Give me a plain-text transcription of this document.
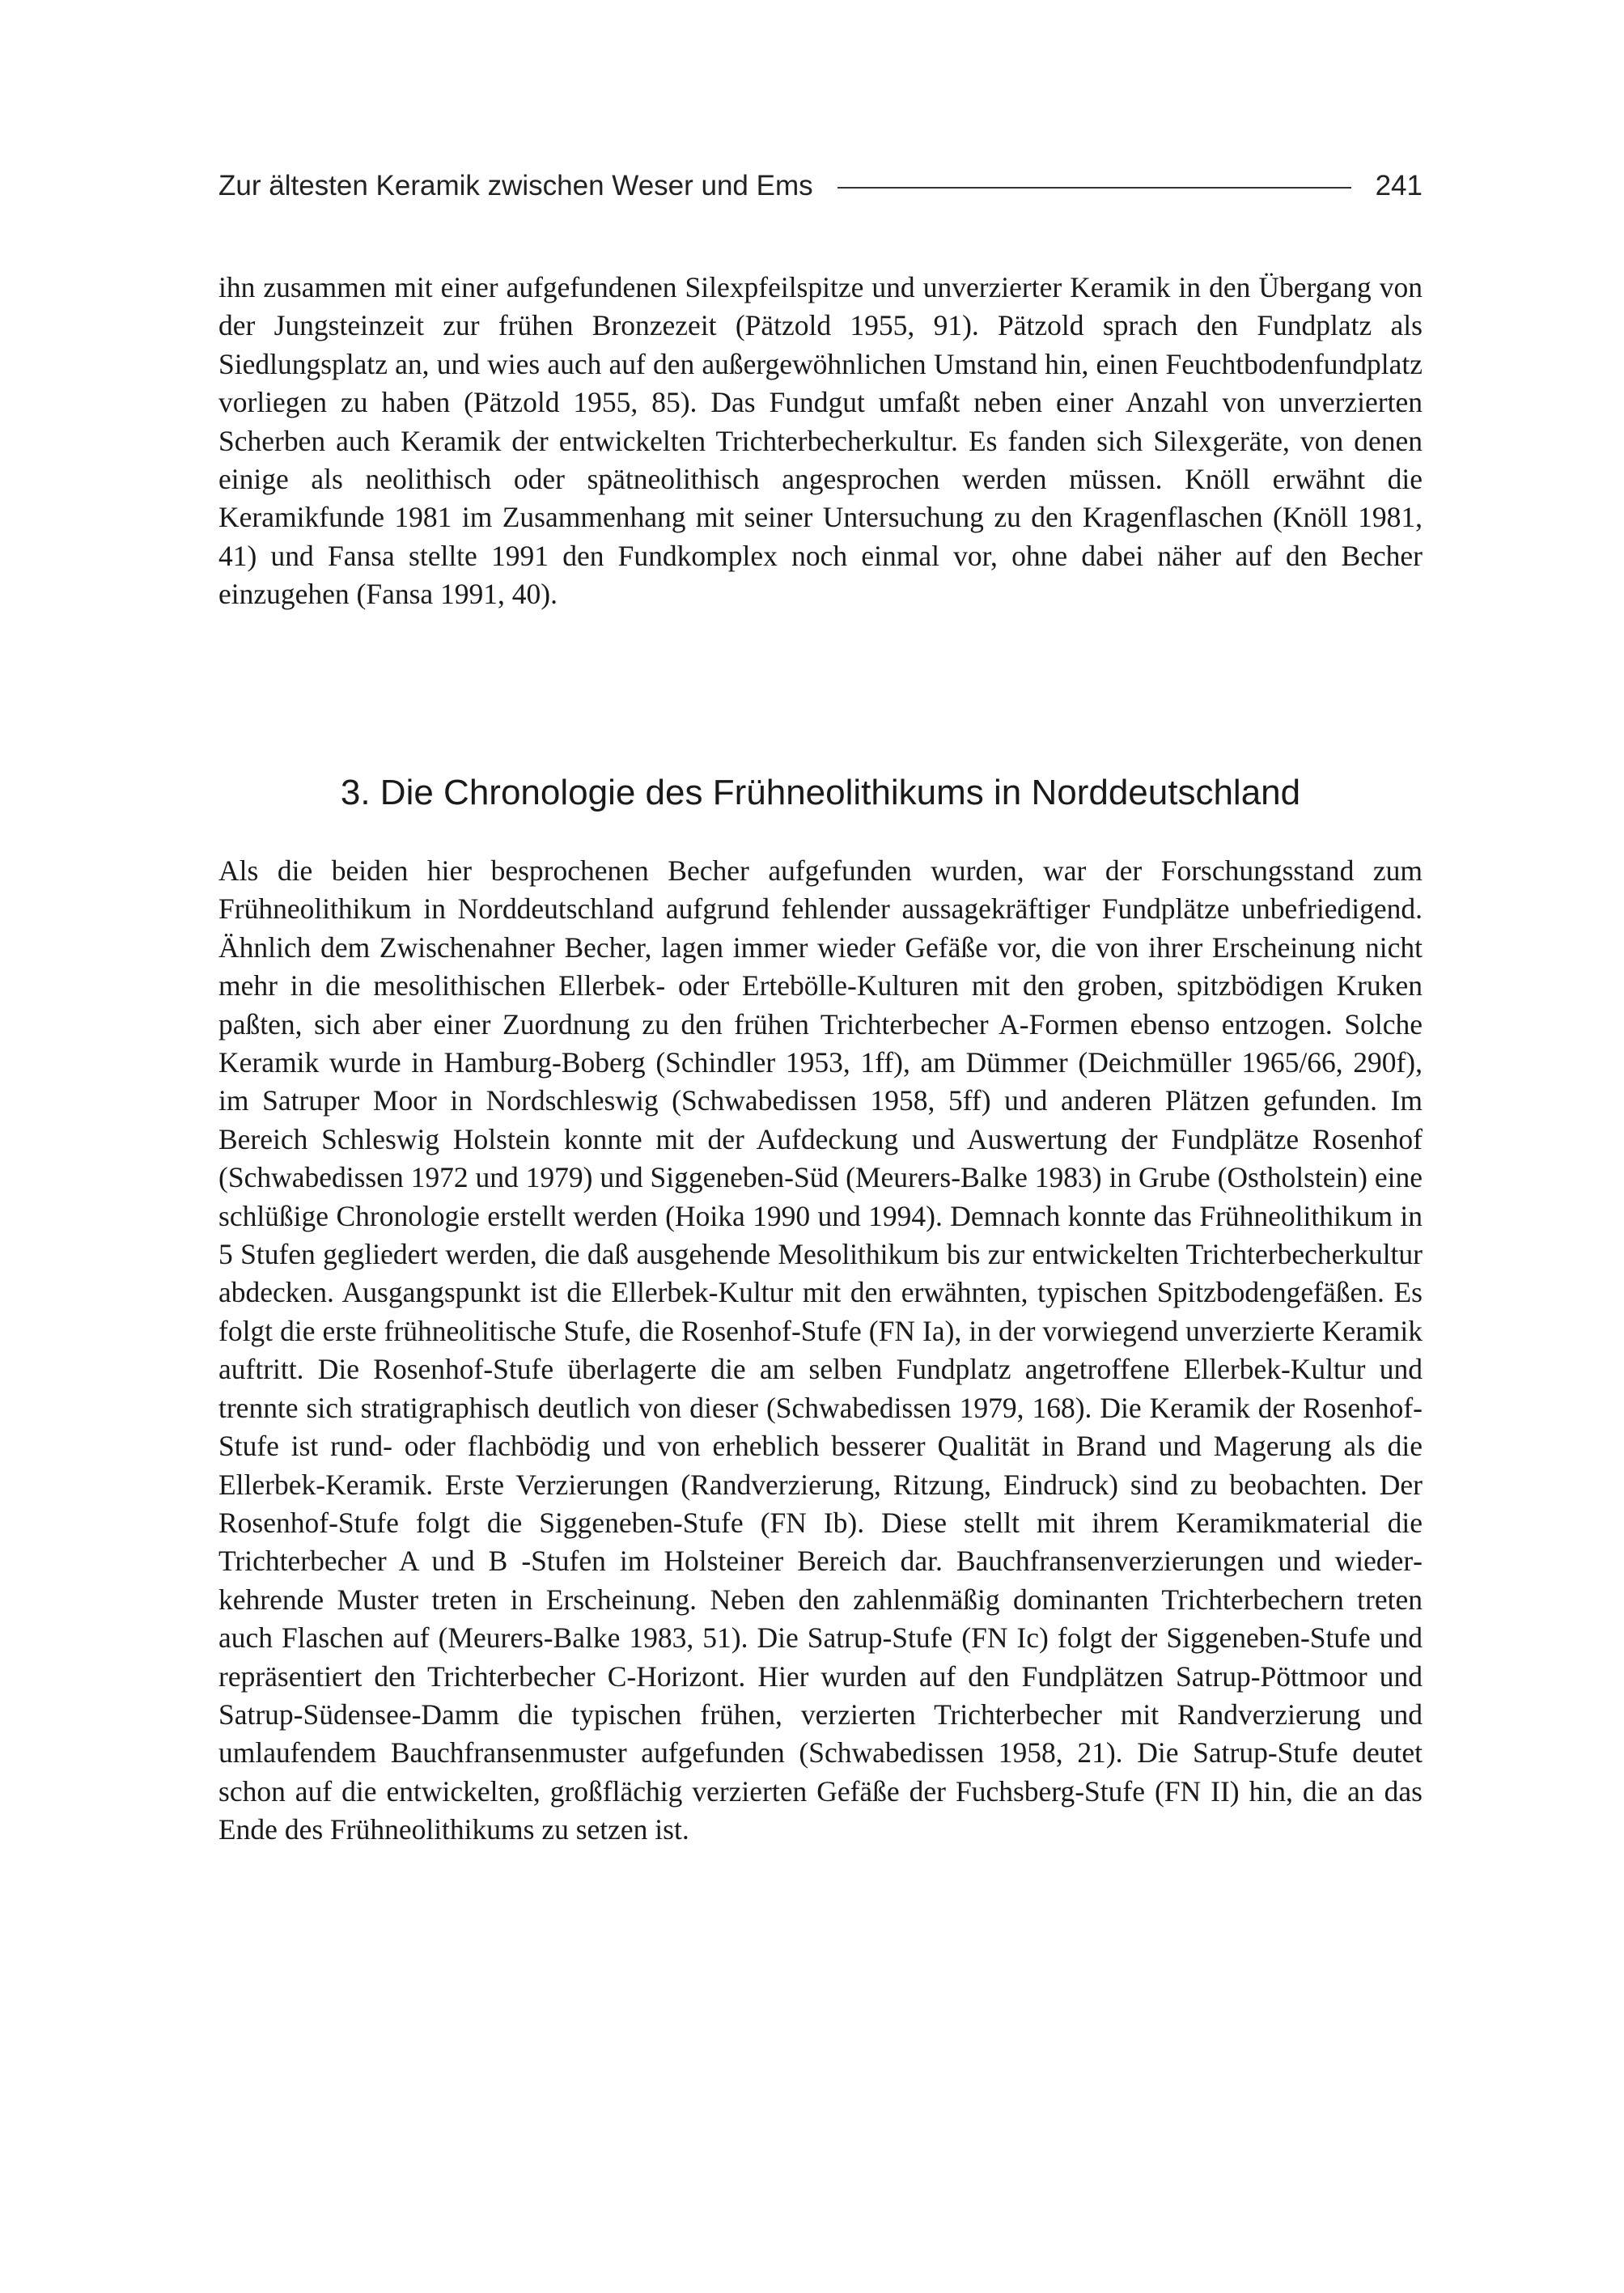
Zur ältesten Keramik zwischen Weser und Ems	241

ihn zusammen mit einer aufgefundenen Silexpfeilspitze und unverzierter Keramik in den Übergang von der Jungsteinzeit zur frühen Bronzezeit (Pätzold 1955, 91). Pätzold sprach den Fundplatz als Siedlungsplatz an, und wies auch auf den außergewöhnlichen Umstand hin, einen Feuchtbodenfundplatz vorliegen zu haben (Pätzold 1955, 85). Das Fundgut umfaßt neben einer Anzahl von unverzierten Scherben auch Keramik der entwickelten Trichterbecherkultur. Es fanden sich Silexgeräte, von denen einige als neolithisch oder spätneolithisch angesprochen werden müssen. Knöll erwähnt die Keramikfunde 1981 im Zusammenhang mit seiner Untersuchung zu den Kragenflaschen (Knöll 1981, 41) und Fansa stellte 1991 den Fundkomplex noch einmal vor, ohne dabei näher auf den Becher einzugehen (Fansa 1991, 40).

3. Die Chronologie des Frühneolithikums in Norddeutschland

Als die beiden hier besprochenen Becher aufgefunden wurden, war der Forschungsstand zum Frühneolithikum in Norddeutschland aufgrund fehlender aussagekräftiger Fundplätze unbefriedigend. Ähnlich dem Zwischenahner Becher, lagen immer wieder Gefäße vor, die von ihrer Erscheinung nicht mehr in die mesolithischen Ellerbek- oder Ertebölle-Kulturen mit den groben, spitzbödigen Kruken paßten, sich aber einer Zuordnung zu den frühen Trichterbecher A-Formen ebenso entzogen. Solche Keramik wurde in Hamburg-Boberg (Schindler 1953, 1ff), am Dümmer (Deichmüller 1965/66, 290f), im Satruper Moor in Nordschleswig (Schwabedissen 1958, 5ff) und anderen Plätzen gefunden. Im Bereich Schleswig Holstein konnte mit der Aufdeckung und Auswertung der Fundplätze Rosenhof (Schwabedissen 1972 und 1979) und Siggeneben-Süd (Meurers-Balke 1983) in Grube (Ostholstein) eine schlüßige Chronologie erstellt werden (Hoika 1990 und 1994). Demnach konnte das Frühneolithikum in 5 Stufen gegliedert werden, die daß ausgehende Mesolithikum bis zur entwickelten Trichterbecherkultur abdecken. Ausgangspunkt ist die Ellerbek-Kultur mit den erwähnten, typischen Spitzbodengefäßen. Es folgt die erste frühneolitische Stufe, die Rosenhof-Stufe (FN Ia), in der vorwiegend unverzierte Keramik auftritt. Die Rosenhof-Stufe überlagerte die am selben Fundplatz angetroffene Ellerbek-Kultur und trennte sich stratigraphisch deutlich von dieser (Schwabedissen 1979, 168). Die Keramik der Rosenhof-Stufe ist rund- oder flachbödig und von erheblich besserer Qualität in Brand und Magerung als die Ellerbek-Keramik. Erste Verzierungen (Randverzierung, Ritzung, Eindruck) sind zu beobachten. Der Rosenhof-Stufe folgt die Siggeneben-Stufe (FN Ib). Diese stellt mit ihrem Keramikmaterial die Trichterbecher A und B -Stufen im Holsteiner Bereich dar. Bauchfransenverzierungen und wiederkehrende Muster treten in Erscheinung. Neben den zahlenmäßig dominanten Trichterbechern treten auch Flaschen auf (Meurers-Balke 1983, 51). Die Satrup-Stufe (FN Ic) folgt der Siggeneben-Stufe und repräsentiert den Trichterbecher C-Horizont. Hier wurden auf den Fundplätzen Satrup-Pöttmoor und Satrup-Südensee-Damm die typischen frühen, verzierten Trichterbecher mit Randverzierung und umlaufendem Bauchfransenmuster aufgefunden (Schwabedissen 1958, 21). Die Satrup-Stufe deutet schon auf die entwickelten, großflächig verzierten Gefäße der Fuchsberg-Stufe (FN II) hin, die an das Ende des Frühneolithikums zu setzen ist.
